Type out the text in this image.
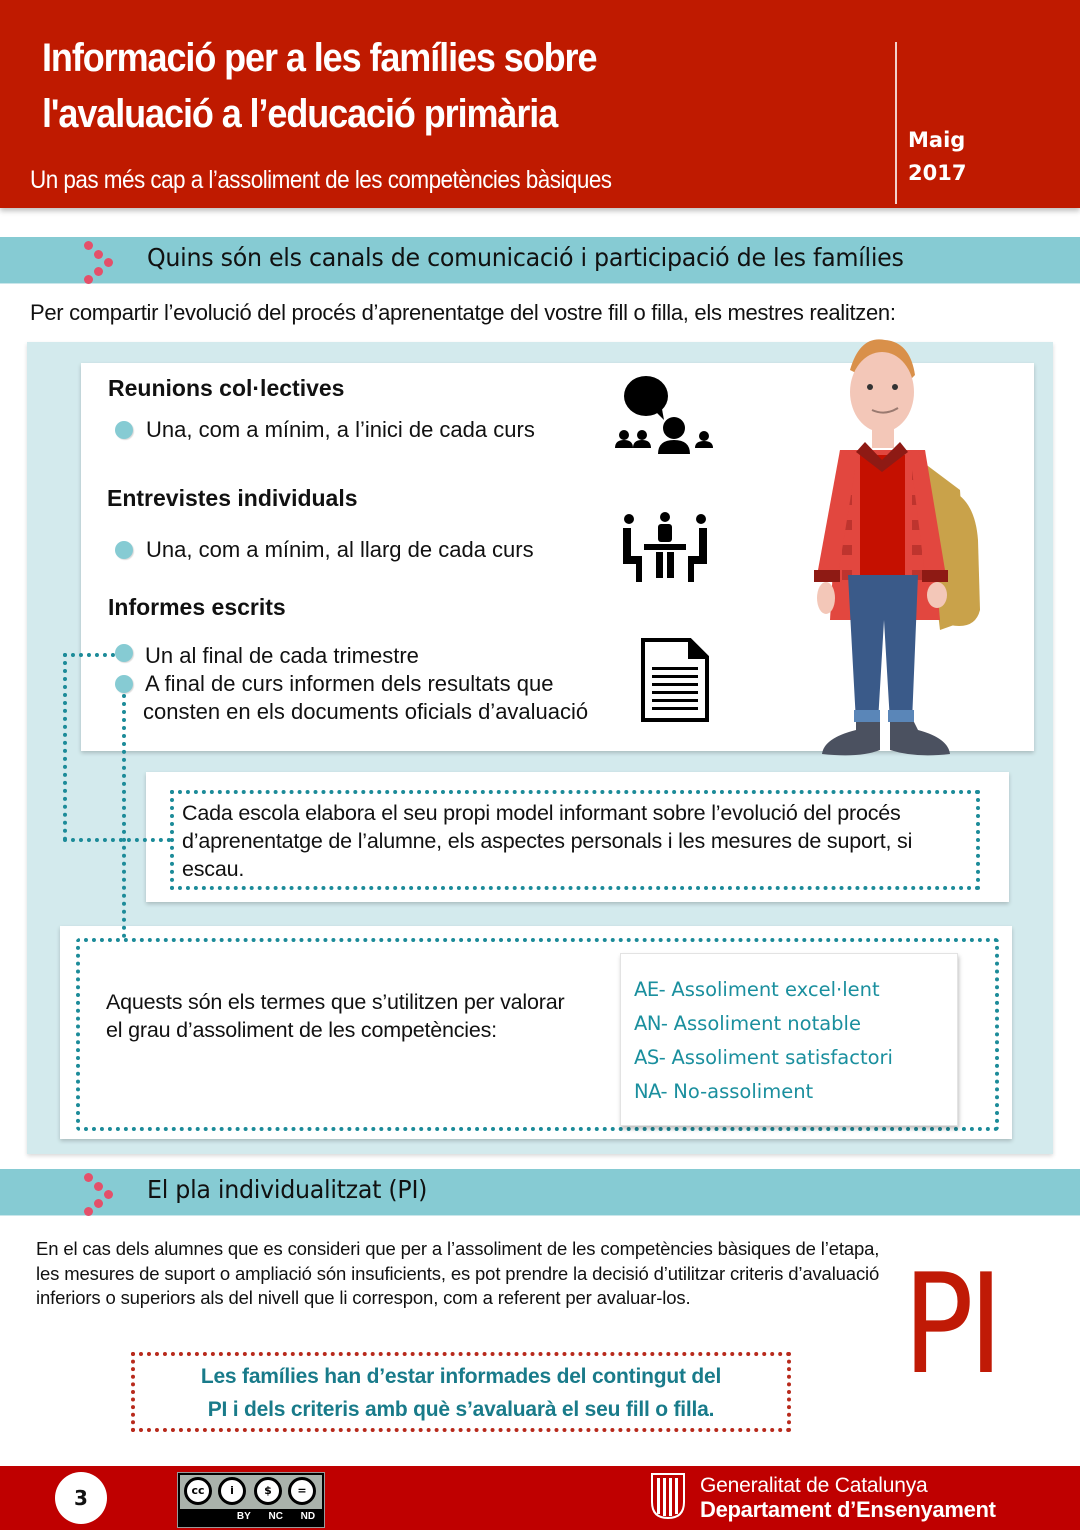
Informació per a les famílies sobre
l'avaluació a l’educació primària
Un pas més cap a l’assoliment de les competències bàsiques
Maig
2017
Quins són els canals de comunicació i participació de les famílies
Per compartir l’evolució del procés d’aprenentatge del vostre fill o filla, els mestres realitzen:
Reunions col·lectives
Una, com a mínim, a l’inici de cada curs
Entrevistes individuals
Una, com a mínim, al llarg de cada curs
Informes escrits
Un al final de cada trimestre
A final de curs informen dels resultats que
consten en els documents oficials d’avaluació
Cada escola elabora el seu propi model informant sobre l’evolució del procés d’aprenentatge de l’alumne, els aspectes personals i les mesures de suport, si escau.
Aquests són els termes que s’utilitzen per valorar el grau d’assoliment de les competències:
AE- Assoliment excel·lent
AN- Assoliment notable
AS- Assoliment satisfactori
NA- No-assoliment
El pla individualitzat (PI)
En el cas dels alumnes que es consideri que per a l’assoliment de les competències bàsiques de l’etapa, les mesures de suport o ampliació són insuficients, es pot prendre la decisió d’utilitzar criteris d’avaluació inferiors o superiors als del nivell que li correspon, com a referent per avaluar-los.	PI
Les famílies han d’estar informades del contingut del
PI i dels criteris amb què s’avaluarà el seu fill o filla.
3	cc	i	$	=
BY NC ND
Generalitat de Catalunya
Departament d’Ensenyament
